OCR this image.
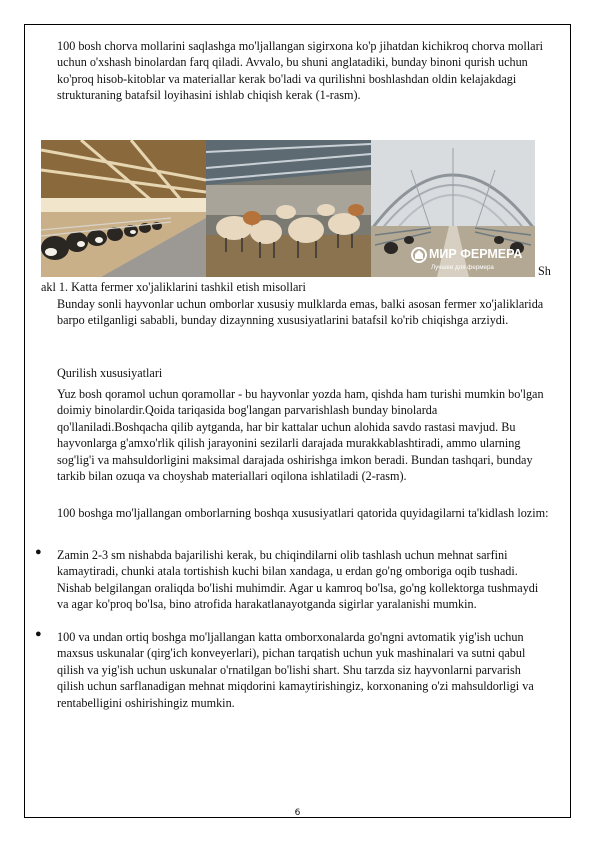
100 bosh chorva mollarini saqlashga mo'ljallangan sigirxona ko'p jihatdan kichikroq chorva mollari uchun o'xshash binolardan farq qiladi. Avvalo, bu shuni anglatadiki, bunday binoni qurish uchun ko'proq hisob-kitoblar va materiallar kerak bo'ladi va qurilishni boshlashdan oldin kelajakdagi strukturaning batafsil loyihasini ishlab chiqish kerak (1-rasm).

МИР ФЕРМЕРА
Лучшее для фермера	Sh
akl 1. Katta fermer xo'jaliklarini tashkil etish misollari

Bunday sonli hayvonlar uchun omborlar xususiy mulklarda emas, balki asosan fermer xo'jaliklarida barpo etilganligi sababli, bunday dizaynning xususiyatlarini batafsil ko'rib chiqishga arziydi.

Qurilish xususiyatlari

Yuz bosh qoramol uchun qoramollar - bu hayvonlar yozda ham, qishda ham turishi mumkin bo'lgan doimiy binolardir.Qoida tariqasida bog'langan parvarishlash bunday binolarda qo'llaniladi.Boshqacha qilib aytganda, har bir kattalar uchun alohida savdo rastasi mavjud. Bu hayvonlarga g'amxo'rlik qilish jarayonini sezilarli darajada murakkablashtiradi, ammo ularning sog'lig'i va mahsuldorligini maksimal darajada oshirishga imkon beradi. Bundan tashqari, bunday tarkib bilan ozuqa va choyshab materiallari oqilona ishlatiladi (2-rasm).

100 boshga mo'ljallangan omborlarning boshqa xususiyatlari qatorida quyidagilarni ta'kidlash lozim:

● Zamin 2-3 sm nishabda bajarilishi kerak, bu chiqindilarni olib tashlash uchun mehnat sarfini kamaytiradi, chunki atala tortishish kuchi bilan xandaga, u erdan go'ng omboriga oqib tushadi. Nishab belgilangan oraliqda bo'lishi muhimdir. Agar u kamroq bo'lsa, go'ng kollektorga tushmaydi va agar ko'proq bo'lsa, bino atrofida harakatlanayotganda sigirlar yaralanishi mumkin.

● 100 va undan ortiq boshga mo'ljallangan katta omborxonalarda go'ngni avtomatik yig'ish uchun maxsus uskunalar (qirg'ich konveyerlari), pichan tarqatish uchun yuk mashinalari va sutni qabul qilish va yig'ish uchun uskunalar o'rnatilgan bo'lishi shart. Shu tarzda siz hayvonlarni parvarish qilish uchun sarflanadigan mehnat miqdorini kamaytirishingiz, korxonaning o'zi mahsuldorligi va rentabelligini oshirishingiz mumkin.

6
